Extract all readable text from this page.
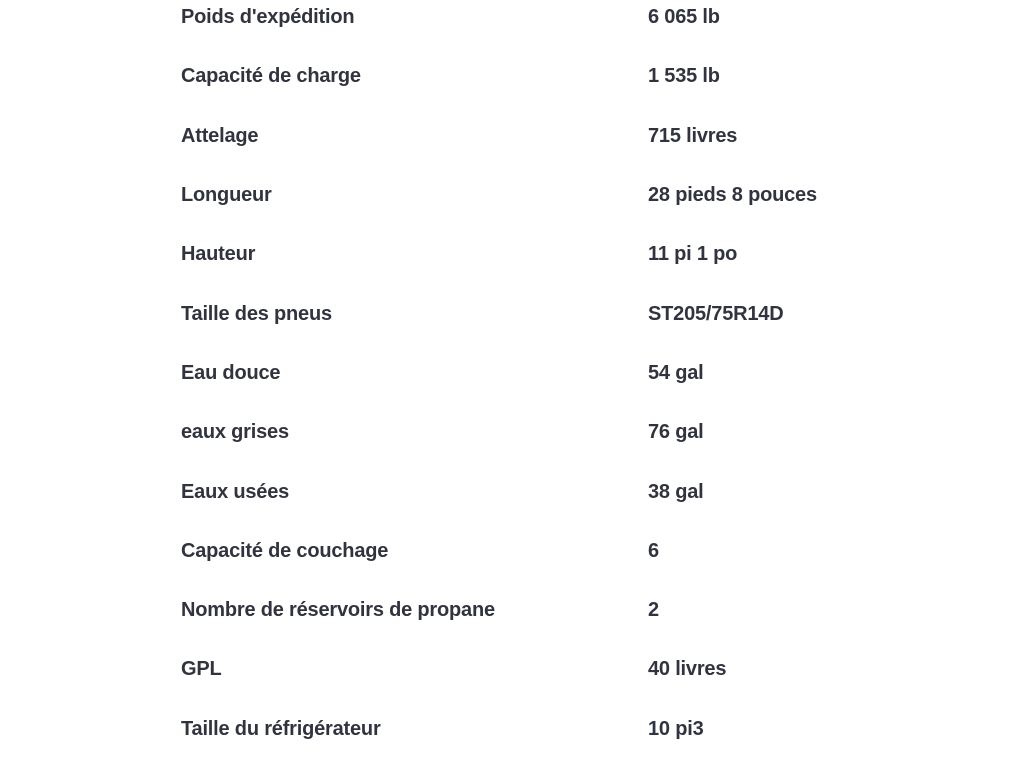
Poids d'expédition	6 065 lb
Capacité de charge	1 535 lb
Attelage	715 livres
Longueur	28 pieds 8 pouces
Hauteur	11 pi 1 po
Taille des pneus	ST205/75R14D
Eau douce	54 gal
eaux grises	76 gal
Eaux usées	38 gal
Capacité de couchage	6
Nombre de réservoirs de propane	2
GPL	40 livres
Taille du réfrigérateur	10 pi3
